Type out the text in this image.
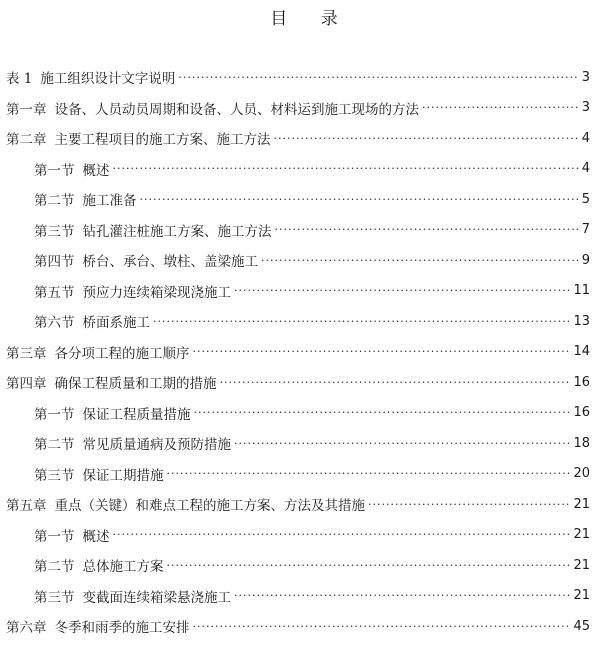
目 录
表 1 施工组织设计文字说明 ·····	3
第一章 设备、人员动员周期和设备、人员、材料运到施工现场的方法 ·····	3
第二章 主要工程项目的施工方案、施工方法 ·····	4
第一节 概述 ·····	4
第二节 施工准备 ·····	5
第三节 钻孔灌注桩施工方案、施工方法 ·····	7
第四节 桥台、承台、墩柱、盖梁施工 ·····	9
第五节 预应力连续箱梁现浇施工 ·····	11
第六节 桥面系施工 ·····	13
第三章 各分项工程的施工顺序 ·····	14
第四章 确保工程质量和工期的措施 ·····	16
第一节 保证工程质量措施 ·····	16
第二节 常见质量通病及预防措施 ·····	18
第三节 保证工期措施 ·····	20
第五章 重点（关键）和难点工程的施工方案、方法及其措施 ·····	21
第一节 概述 ·····	21
第二节 总体施工方案 ·····	21
第三节 变截面连续箱梁悬浇施工 ·····	21
第六章 冬季和雨季的施工安排 ·····	45
